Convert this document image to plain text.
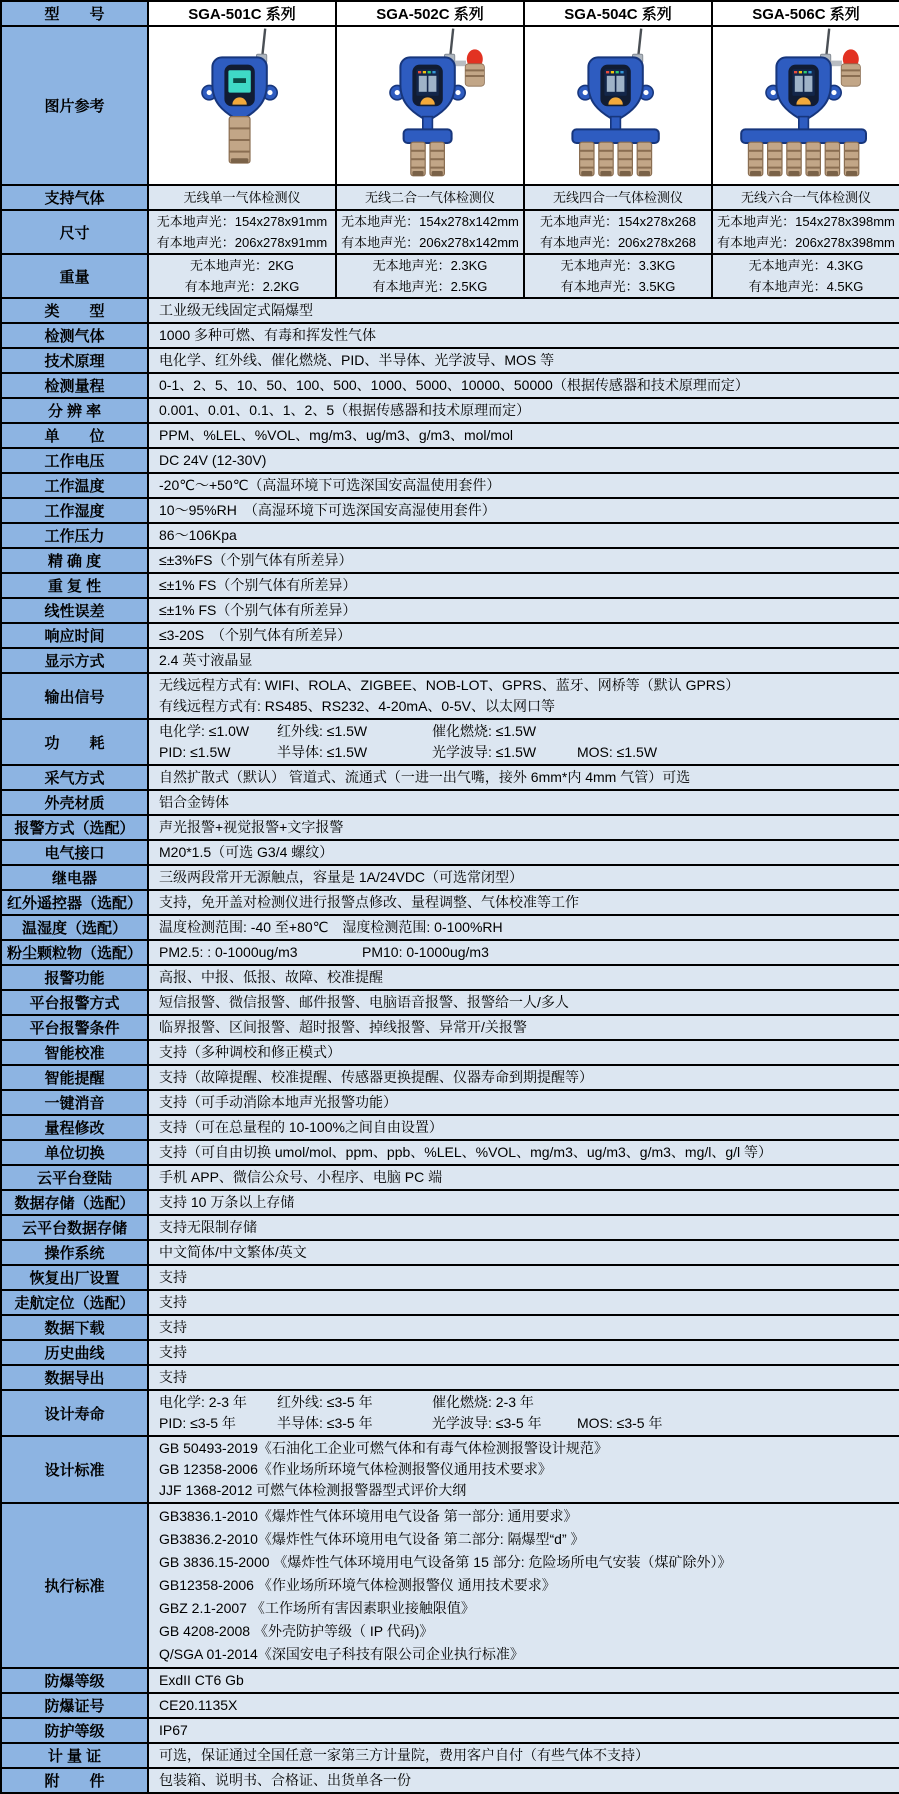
型　　号	SGA-501C 系列	SGA-502C 系列	SGA-504C 系列	SGA-506C 系列
图片参考				
支持气体	无线单一气体检测仪	无线二合一气体检测仪	无线四合一气体检测仪	无线六合一气体检测仪

尺寸	
无本地声光：154x278x91mm
有本地声光：206x278x91mm

无本地声光：154x278x142mm
有本地声光：206x278x142mm

无本地声光：154x278x268
有本地声光：206x278x268

无本地声光：154x278x398mm
有本地声光：206x278x398mm

重量	
无本地声光：2KG
有本地声光：2.2KG

无本地声光：2.3KG
有本地声光：2.5KG

无本地声光：3.3KG
有本地声光：3.5KG

无本地声光：4.3KG
有本地声光：4.5KG

类　　型	工业级无线固定式隔爆型			

检测气体	1000 多种可燃、有毒和挥发性气体			

技术原理	电化学、红外线、催化燃烧、PID、半导体、光学波导、MOS 等			

检测量程	0-1、2、5、10、50、100、500、1000、5000、10000、50000（根据传感器和技术原理而定）			

分 辨 率	0.001、0.01、0.1、1、2、5（根据传感器和技术原理而定）			

单　　位	PPM、%LEL、%VOL、mg/m3、ug/m3、g/m3、mol/mol			

工作电压	DC 24V (12-30V)			

工作温度	-20℃～+50℃（高温环境下可选深国安高温使用套件）			

工作湿度	10～95%RH　（高湿环境下可选深国安高湿使用套件）			

工作压力	86～106Kpa			

精 确 度	≤±3%FS（个别气体有所差异）			

重 复 性	≤±1% FS（个别气体有所差异）			

线性误差	≤±1% FS（个别气体有所差异）			

响应时间	≤3-20S　（个别气体有所差异）			

显示方式	2.4 英寸液晶显			

输出信号	无线远程方式有: WIFI、ROLA、ZIGBEE、NOB-LOT、GPRS、蓝牙、网桥等（默认 GPRS）
有线远程方式有: RS485、RS232、4-20mA、0-5V、以太网口等			

功　　耗	
电化学: ≤1.0W	红外线: ≤1.5W	催化燃烧: ≤1.5W
PID: ≤1.5W	半导体: ≤1.5W	光学波导: ≤1.5W	MOS: ≤1.5W

采气方式	自然扩散式（默认） 管道式、流通式（一进一出气嘴，接外 6mm*内 4mm 气管）可选			

外壳材质	铝合金铸体			

报警方式（选配）	声光报警+视觉报警+文字报警			

电气接口	M20*1.5（可选 G3/4 螺纹）			

继电器	三级两段常开无源触点，容量是 1A/24VDC（可选常闭型）			

红外遥控器（选配）	支持，免开盖对检测仪进行报警点修改、量程调整、气体校准等工作			

温湿度（选配）	温度检测范围: -40 至+80℃　湿度检测范围: 0-100%RH			

粉尘颗粒物（选配）	PM2.5: : 0-1000ug/m3 PM10: 0-1000ug/m3			

报警功能	高报、中报、低报、故障、校准提醒			

平台报警方式	短信报警、微信报警、邮件报警、电脑语音报警、报警给一人/多人			

平台报警条件	临界报警、区间报警、超时报警、掉线报警、异常开/关报警			

智能校准	支持（多种调校和修正模式）			

智能提醒	支持（故障提醒、校准提醒、传感器更换提醒、仪器寿命到期提醒等）			

一键消音	支持（可手动消除本地声光报警功能）			

量程修改	支持（可在总量程的 10-100%之间自由设置）			

单位切换	支持（可自由切换 umol/mol、ppm、ppb、%LEL、%VOL、mg/m3、ug/m3、g/m3、mg/l、g/l 等）			

云平台登陆	手机 APP、微信公众号、小程序、电脑 PC 端			

数据存储（选配）	支持 10 万条以上存储			

云平台数据存储	支持无限制存储			

操作系统	中文简体/中文繁体/英文			

恢复出厂设置	支持			

走航定位（选配）	支持			

数据下载	支持			

历史曲线	支持			

数据导出	支持			

设计寿命	
电化学: 2-3 年	红外线: ≤3-5 年	催化燃烧: 2-3 年
PID: ≤3-5 年	半导体: ≤3-5 年	光学波导: ≤3-5 年	MOS: ≤3-5 年

设计标准	GB 50493-2019《石油化工企业可燃气体和有毒气体检测报警设计规范》
GB 12358-2006《作业场所环境气体检测报警仪通用技术要求》
JJF 1368-2012 可燃气体检测报警器型式评价大纲			

执行标准	
GB3836.1-2010《爆炸性气体环境用电气设备 第一部分: 通用要求》
GB3836.2-2010《爆炸性气体环境用电气设备 第二部分: 隔爆型“d” 》
GB 3836.15-2000 《爆炸性气体环境用电气设备第 15 部分: 危险场所电气安装（煤矿除外）》
GB12358-2006 《作业场所环境气体检测报警仪 通用技术要求》
GBZ 2.1-2007 《工作场所有害因素职业接触限值》
GB 4208-2008 《外壳防护等级（ IP 代码)》
Q/SGA 01-2014《深国安电子科技有限公司企业执行标准》

防爆等级	ExdII CT6 Gb			

防爆证号	CE20.1135X			

防护等级	IP67			

计 量 证	可选，保证通过全国任意一家第三方计量院，费用客户自付（有些气体不支持）			

附　　件	包装箱、说明书、合格证、出货单各一份			
